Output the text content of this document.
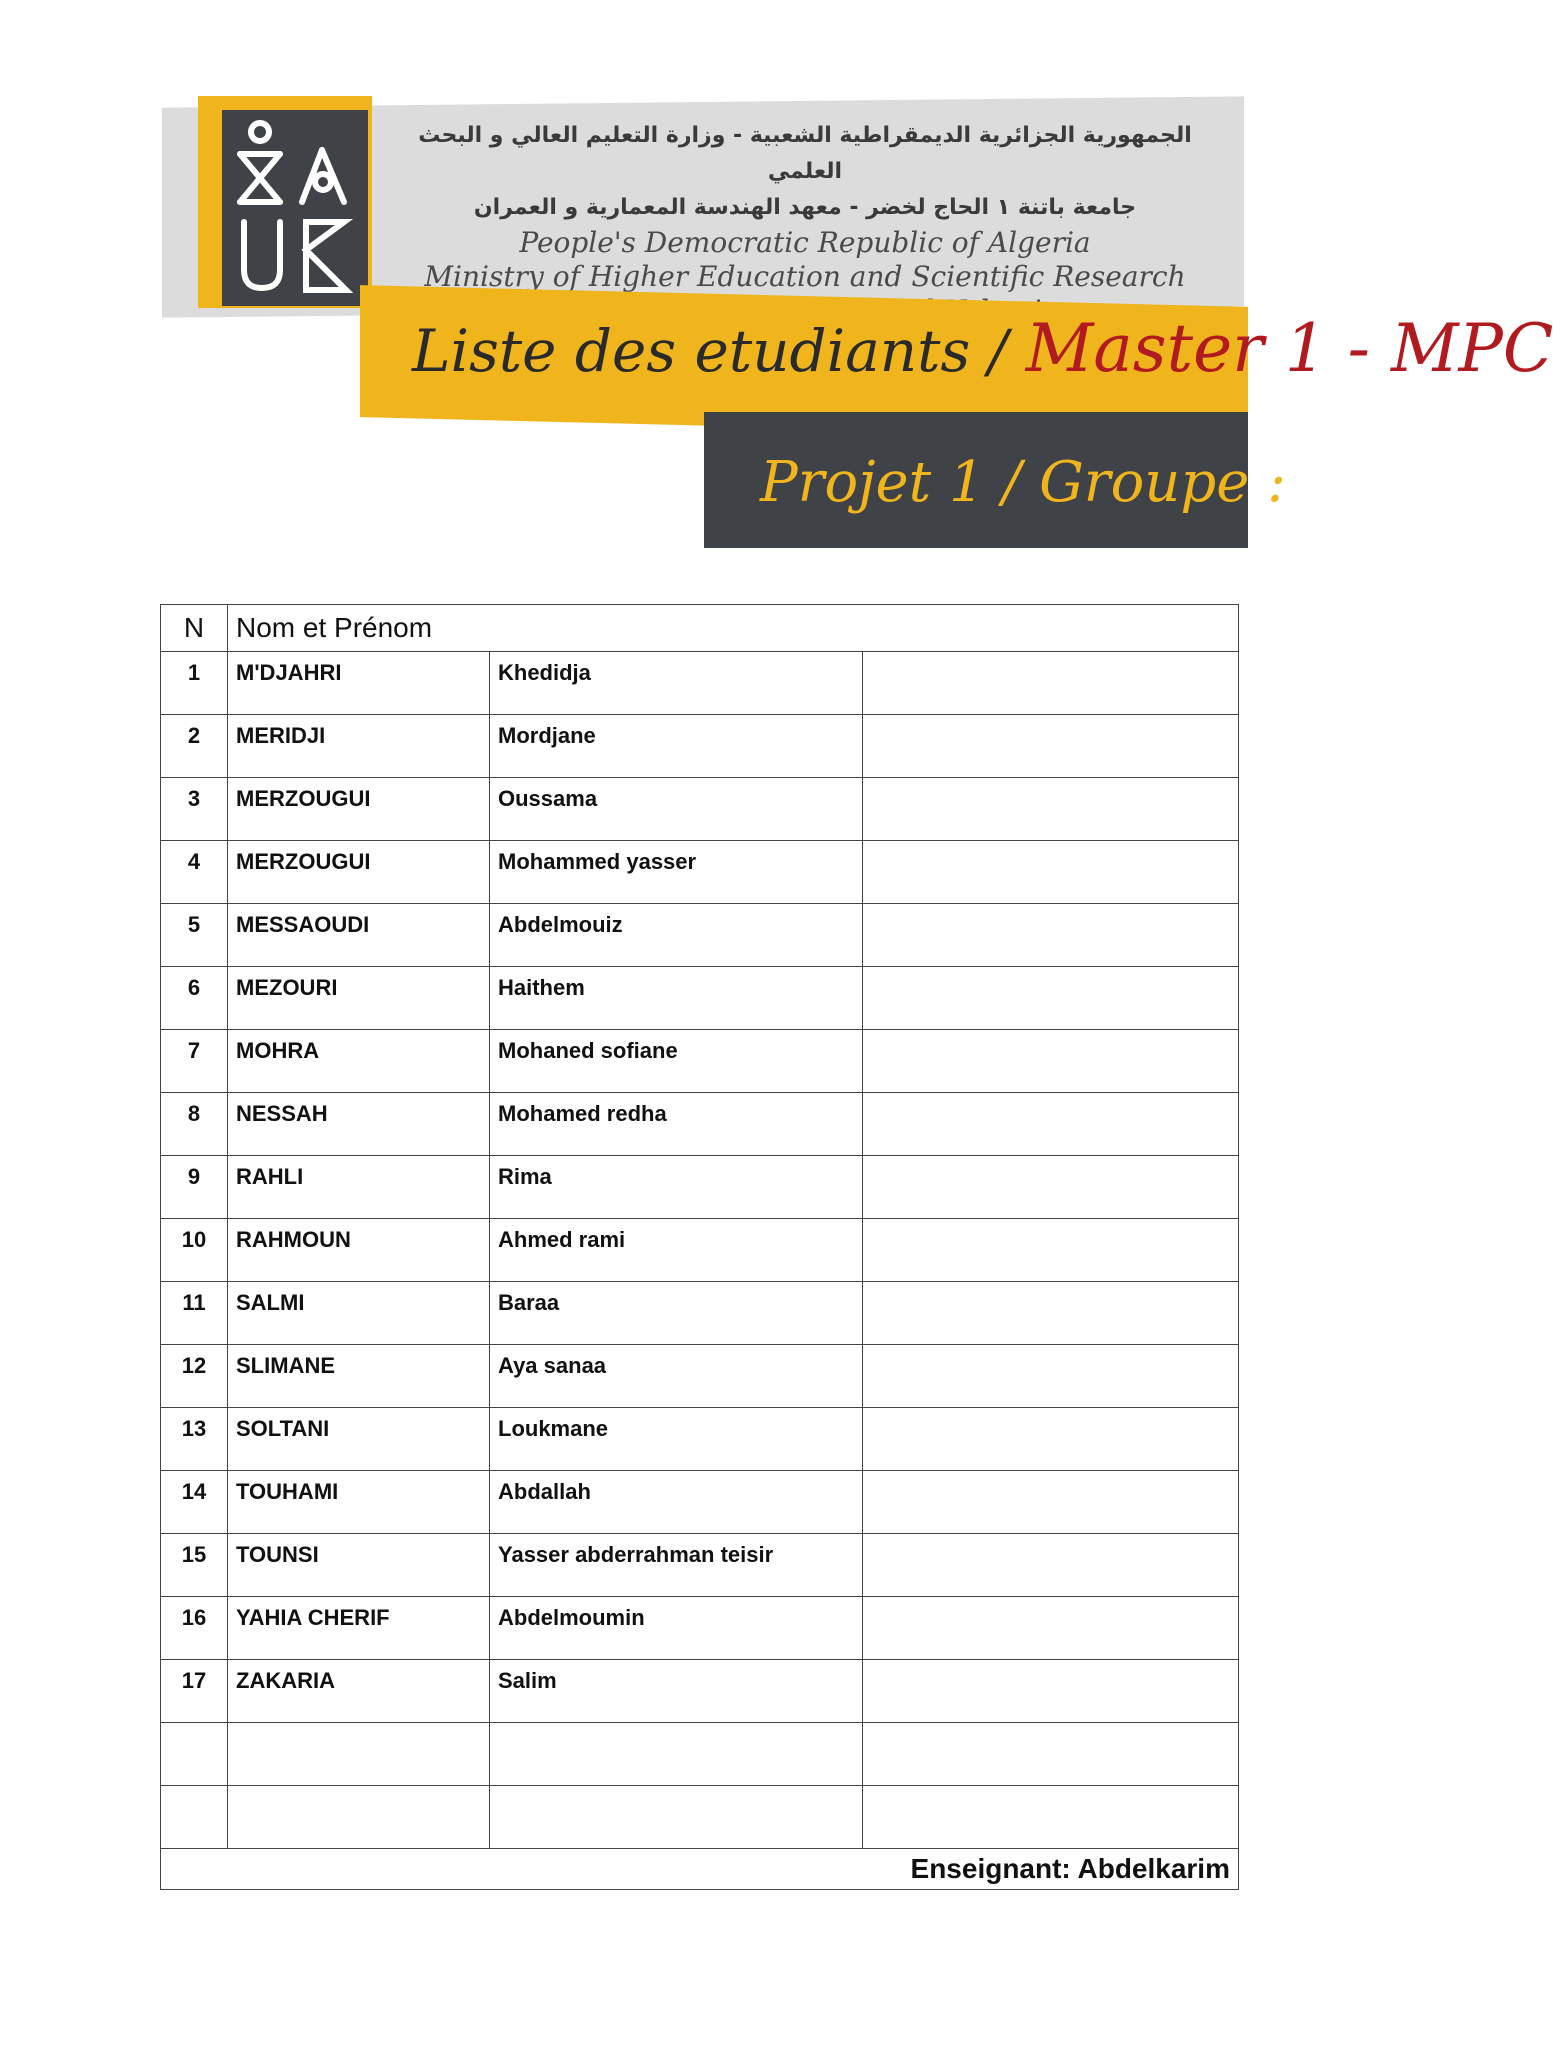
الجمهورية الجزائرية الديمقراطية الشعبية - وزارة التعليم العالي و البحث العلمي
جامعة باتنة ١ الحاج لخضر - معهد الهندسة المعمارية و العمران
People's Democratic Republic of Algeria
Ministry of Higher Education and Scientific Research
Liste des etudiants / Master 1 - MPC
Projet 1 / Groupe : 4
N	Nom et Prénom		
1	M'DJAHRI	Khedidja	
2	MERIDJI	Mordjane	
3	MERZOUGUI	Oussama	
4	MERZOUGUI	Mohammed yasser	
5	MESSAOUDI	Abdelmouiz	
6	MEZOURI	Haithem	
7	MOHRA	Mohaned sofiane	
8	NESSAH	Mohamed redha	
9	RAHLI	Rima	
10	RAHMOUN	Ahmed rami	
11	SALMI	Baraa	
12	SLIMANE	Aya sanaa	
13	SOLTANI	Loukmane	
14	TOUHAMI	Abdallah	
15	TOUNSI	Yasser abderrahman teisir	
16	YAHIA CHERIF	Abdelmoumin	
17	ZAKARIA	Salim	

Enseignant: Abdelkarim			
